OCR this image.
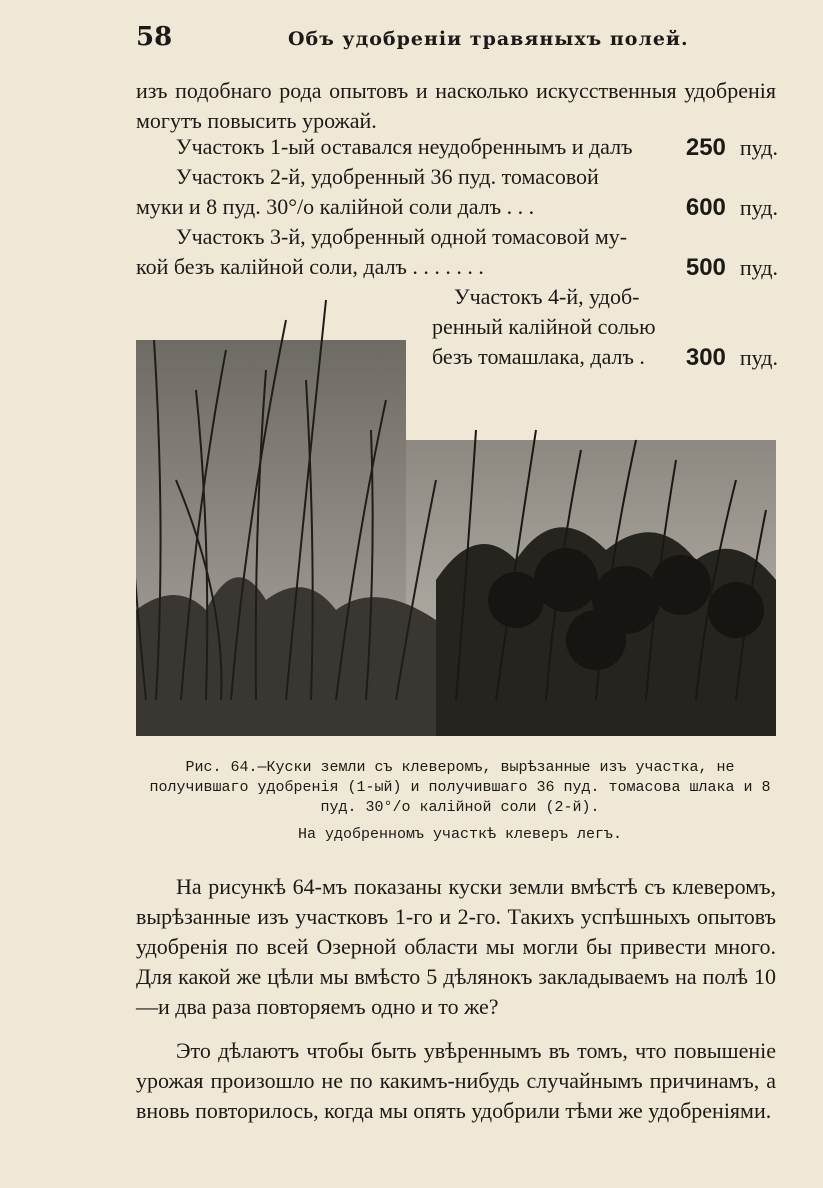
58	Объ удобренiи травяныхъ полей.
изъ подобнаго рода опытовъ и насколько искусственныя удобренiя могутъ повысить урожай.
Участокъ 1-ый оставался неудобреннымъ и далъ 250 пуд.
Участокъ 2-й, удобренный 36 пуд. томасовой
муки и 8 пуд. 30°/о калiйной соли далъ . . .	600 пуд.
Участокъ 3-й, удобренный одной томасовой му-
кой безъ калiйной соли, далъ . . . . . . .	500 пуд.
Участокъ 4-й, удоб-
ренный калiйной солью
безъ томашлака, далъ . 300 пуд.
Рис. 64.—Куски земли съ клеверомъ, вырѣзанные изъ участка, не получившаго удобренiя (1-ый) и получившаго 36 пуд. томасова шлака и 8 пуд. 30°/о калiйной соли (2-й).
На удобренномъ участкѣ клеверъ легъ.
На рисункѣ 64-мъ показаны куски земли вмѣстѣ съ клеверомъ, вырѣзанные изъ участковъ 1-го и 2-го. Такихъ успѣшныхъ опытовъ удобренiя по всей Озерной области мы могли бы привести много. Для какой же цѣли мы вмѣсто 5 дѣлянокъ закладываемъ на полѣ 10—и два раза повторяемъ одно и то же?
Это дѣлаютъ чтобы быть увѣреннымъ въ томъ, что повышенiе урожая произошло не по какимъ-нибудь случайнымъ причинамъ, а вновь повторилось, когда мы опять удобрили тѣми же удобренiями.
